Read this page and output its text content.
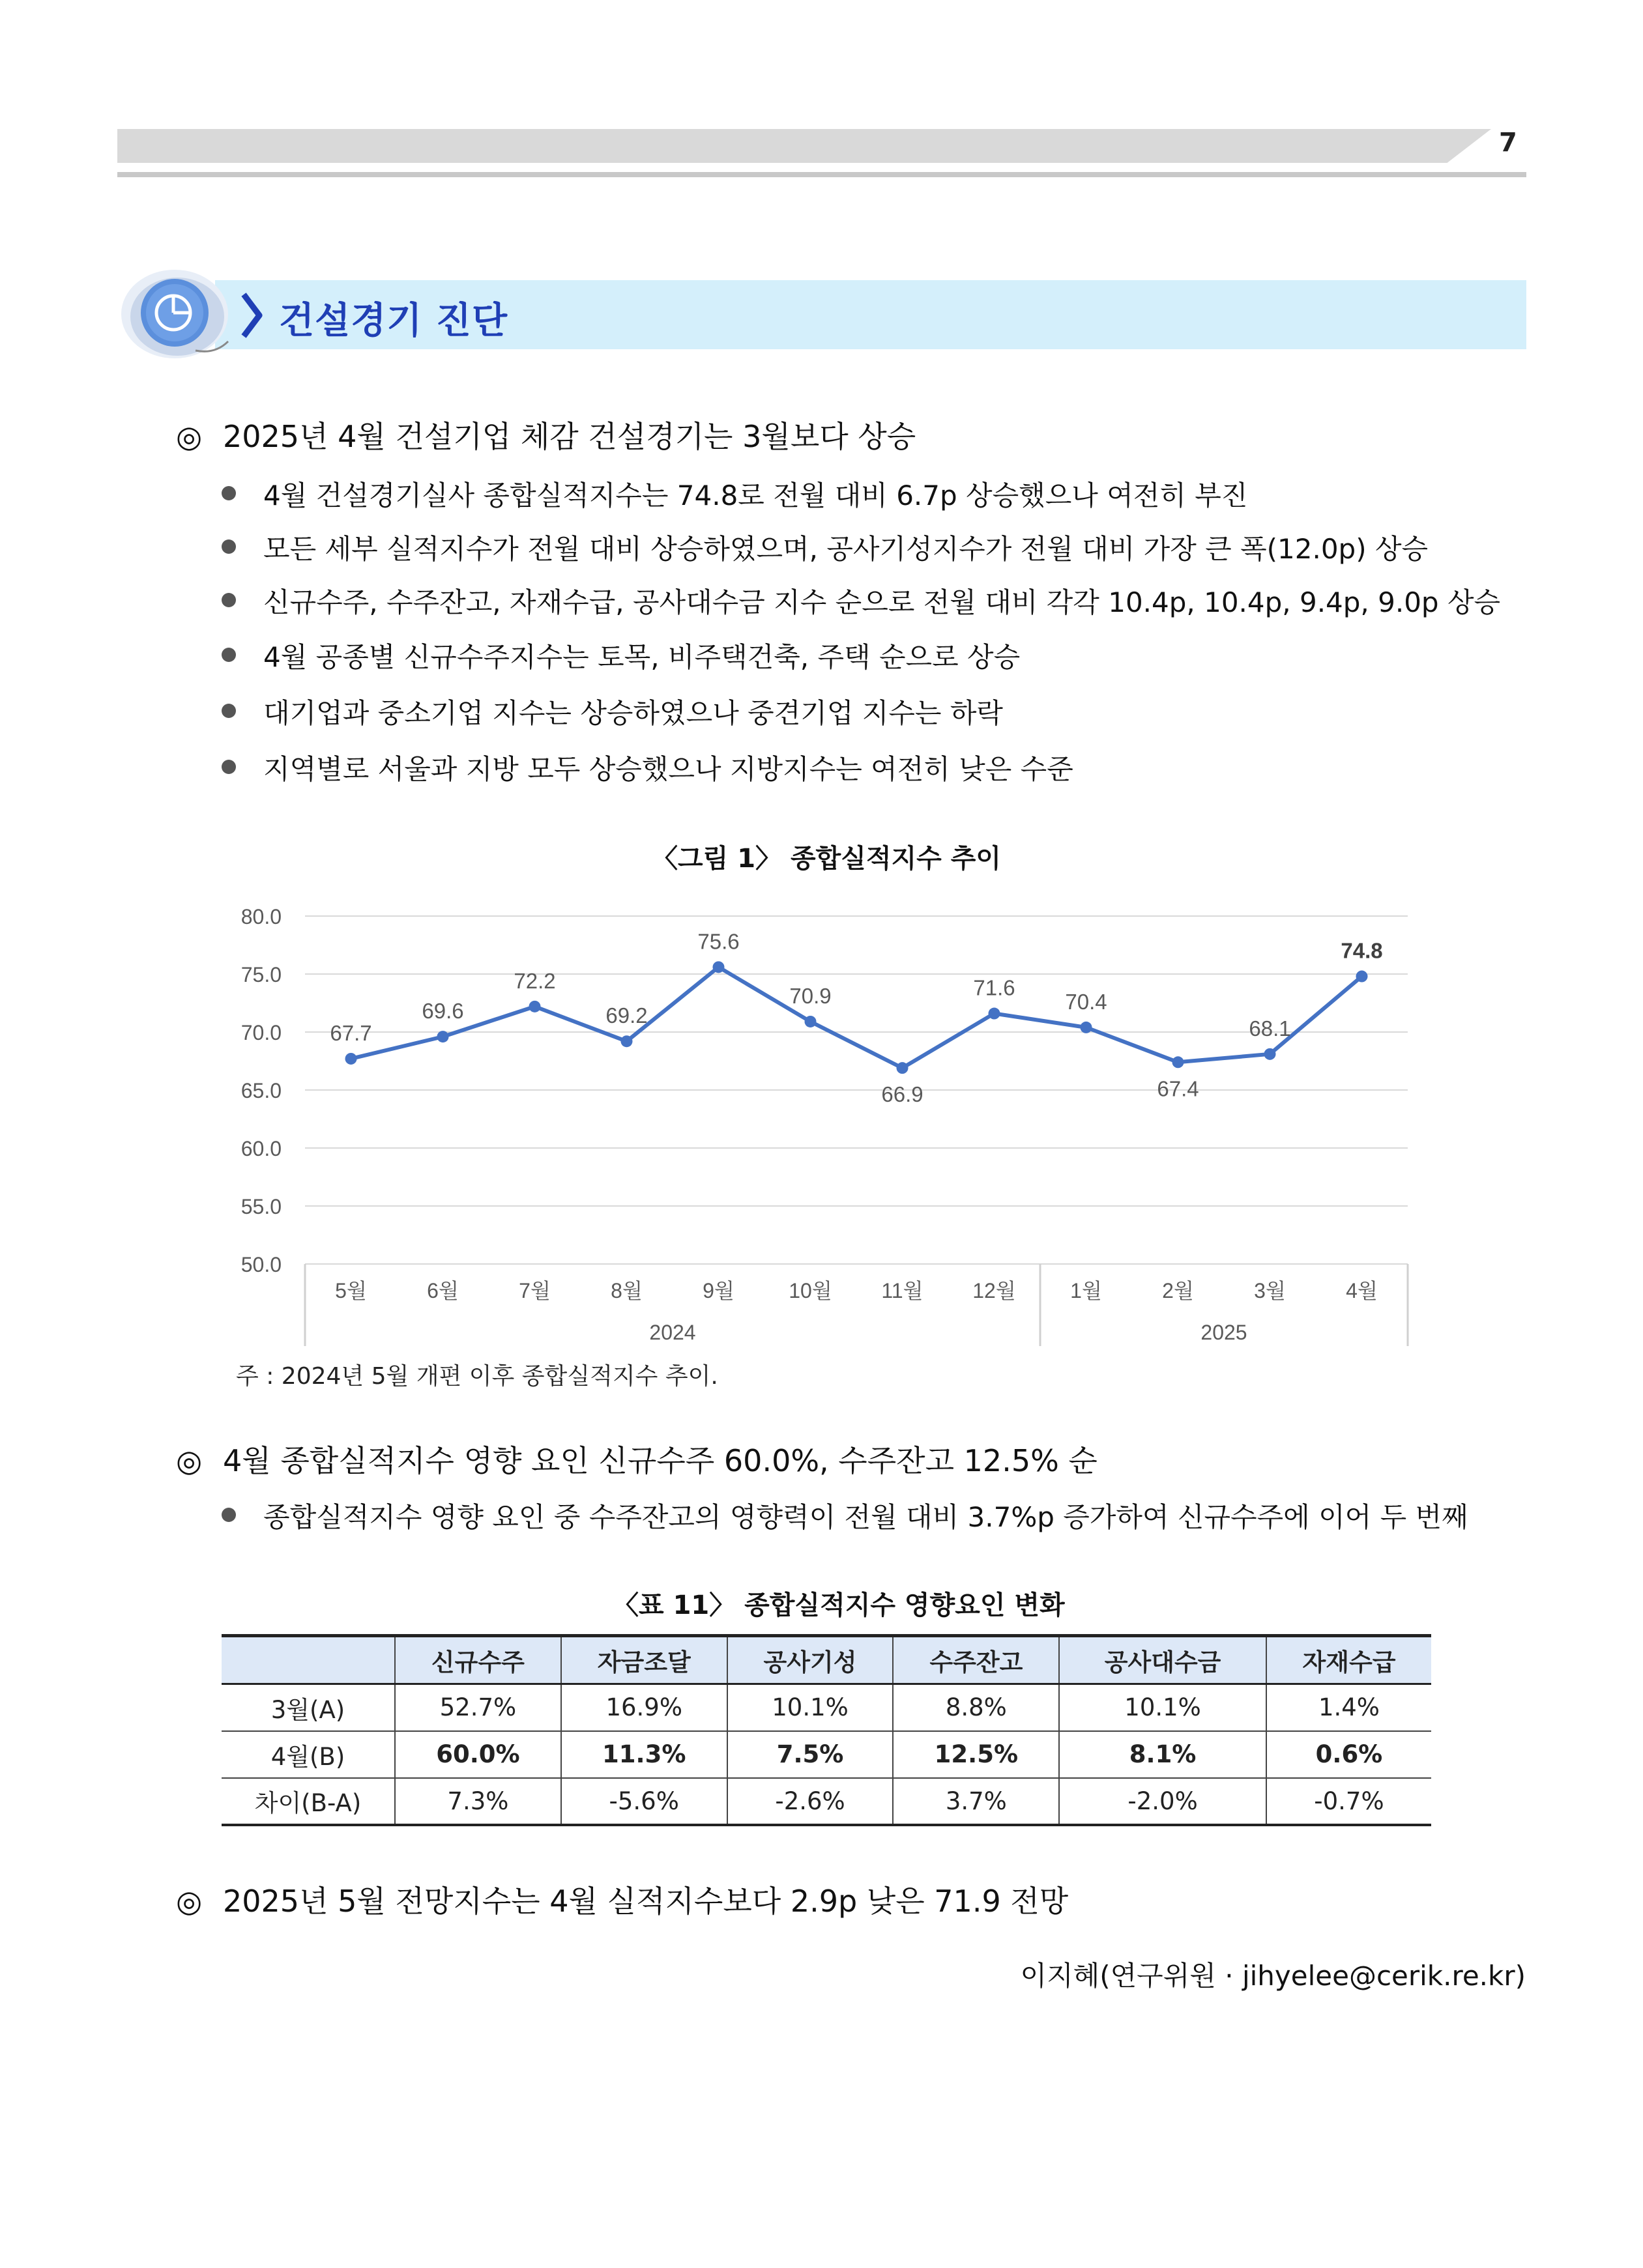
7
건설경기 진단
◎ 2025년 4월 건설기업 체감 건설경기는 3월보다 상승
4월 건설경기실사 종합실적지수는 74.8로 전월 대비 6.7p 상승했으나 여전히 부진
모든 세부 실적지수가 전월 대비 상승하였으며, 공사기성지수가 전월 대비 가장 큰 폭(12.0p) 상승
신규수주, 수주잔고, 자재수급, 공사대수금 지수 순으로 전월 대비 각각 10.4p, 10.4p, 9.4p, 9.0p 상승
4월 공종별 신규수주지수는 토목, 비주택건축, 주택 순으로 상승
대기업과 중소기업 지수는 상승하였으나 중견기업 지수는 하락
지역별로 서울과 지방 모두 상승했으나 지방지수는 여전히 낮은 수준
〈그림 1〉 종합실적지수 추이
50.0
55.0
60.0
65.0
70.0
75.0
80.0
2024	2025
5월	6월	7월	8월	9월	10월 11월 12월	1월	2월	3월	4월
67.7
69.6
72.2
69.2
75.6
70.9
66.9
71.6
70.4
67.4
68.1
74.8
주 : 2024년 5월 개편 이후 종합실적지수 추이.
◎ 4월 종합실적지수 영향 요인 신규수주 60.0%, 수주잔고 12.5% 순
종합실적지수 영향 요인 중 수주잔고의 영향력이 전월 대비 3.7%p 증가하여 신규수주에 이어 두 번째
〈표 11〉 종합실적지수 영향요인 변화
	신규수주	자금조달	공사기성	수주잔고	공사대수금	자재수급
3월(A)	52.7%	16.9%	10.1%	8.8%	10.1%	1.4%
4월(B)	60.0%	11.3%	7.5%	12.5%	8.1%	0.6%
차이(B-A)	7.3%	-5.6%	-2.6%	3.7%	-2.0%	-0.7%
◎ 2025년 5월 전망지수는 4월 실적지수보다 2.9p 낮은 71.9 전망
이지혜(연구위원 · jihyelee@cerik.re.kr)
